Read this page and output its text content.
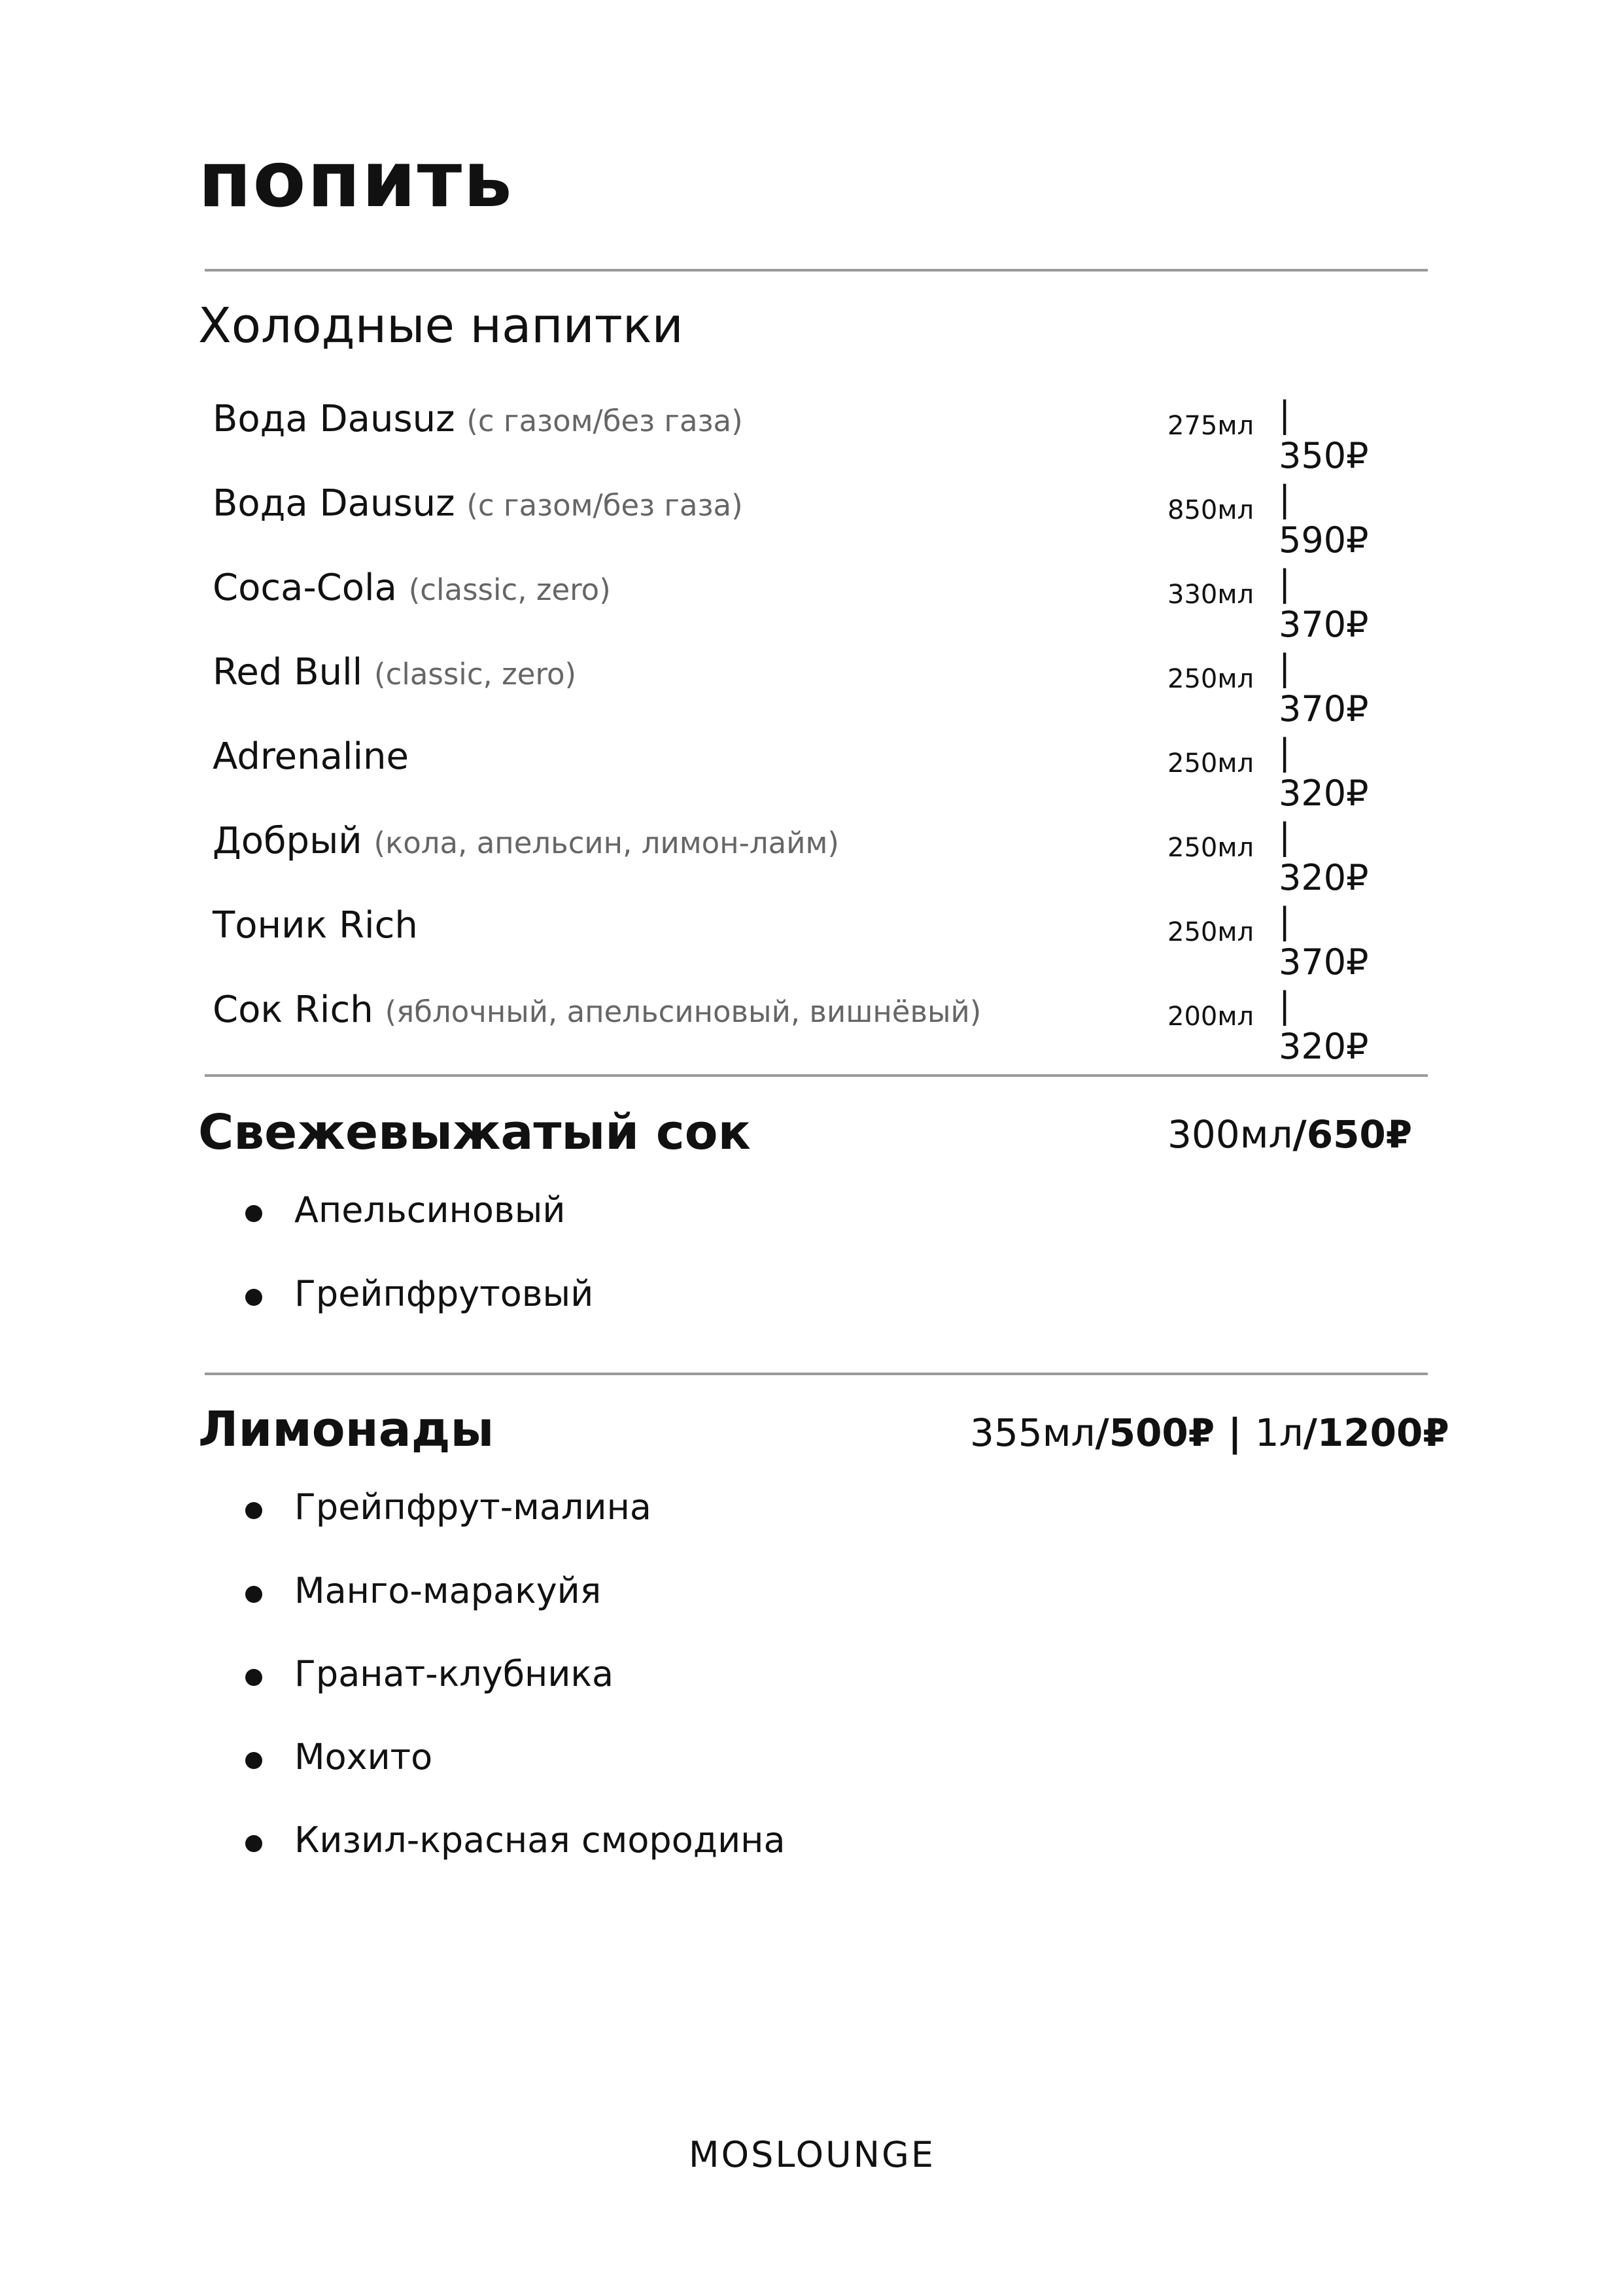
попить
Холодные напитки
Вода Dausuz (с газом/без газа)	275мл | 350₽
Вода Dausuz (с газом/без газа)	850мл | 590₽
Coca-Cola (classic, zero)	330мл | 370₽
Red Bull (classic, zero)	250мл | 370₽
Adrenaline	250мл | 320₽
Добрый (кола, апельсин, лимон-лайм)	250мл | 320₽
Тоник Rich	250мл | 370₽
Сок Rich (яблочный, апельсиновый, вишнёвый)	200мл | 320₽
Свежевыжатый сок	300мл/650₽
Апельсиновый
Грейпфрутовый
Лимонады	355мл/500₽ | 1л/1200₽
Грейпфрут-малина
Манго-маракуйя
Гранат-клубника
Мохито
Кизил-красная смородина
MOSLOUNGE
